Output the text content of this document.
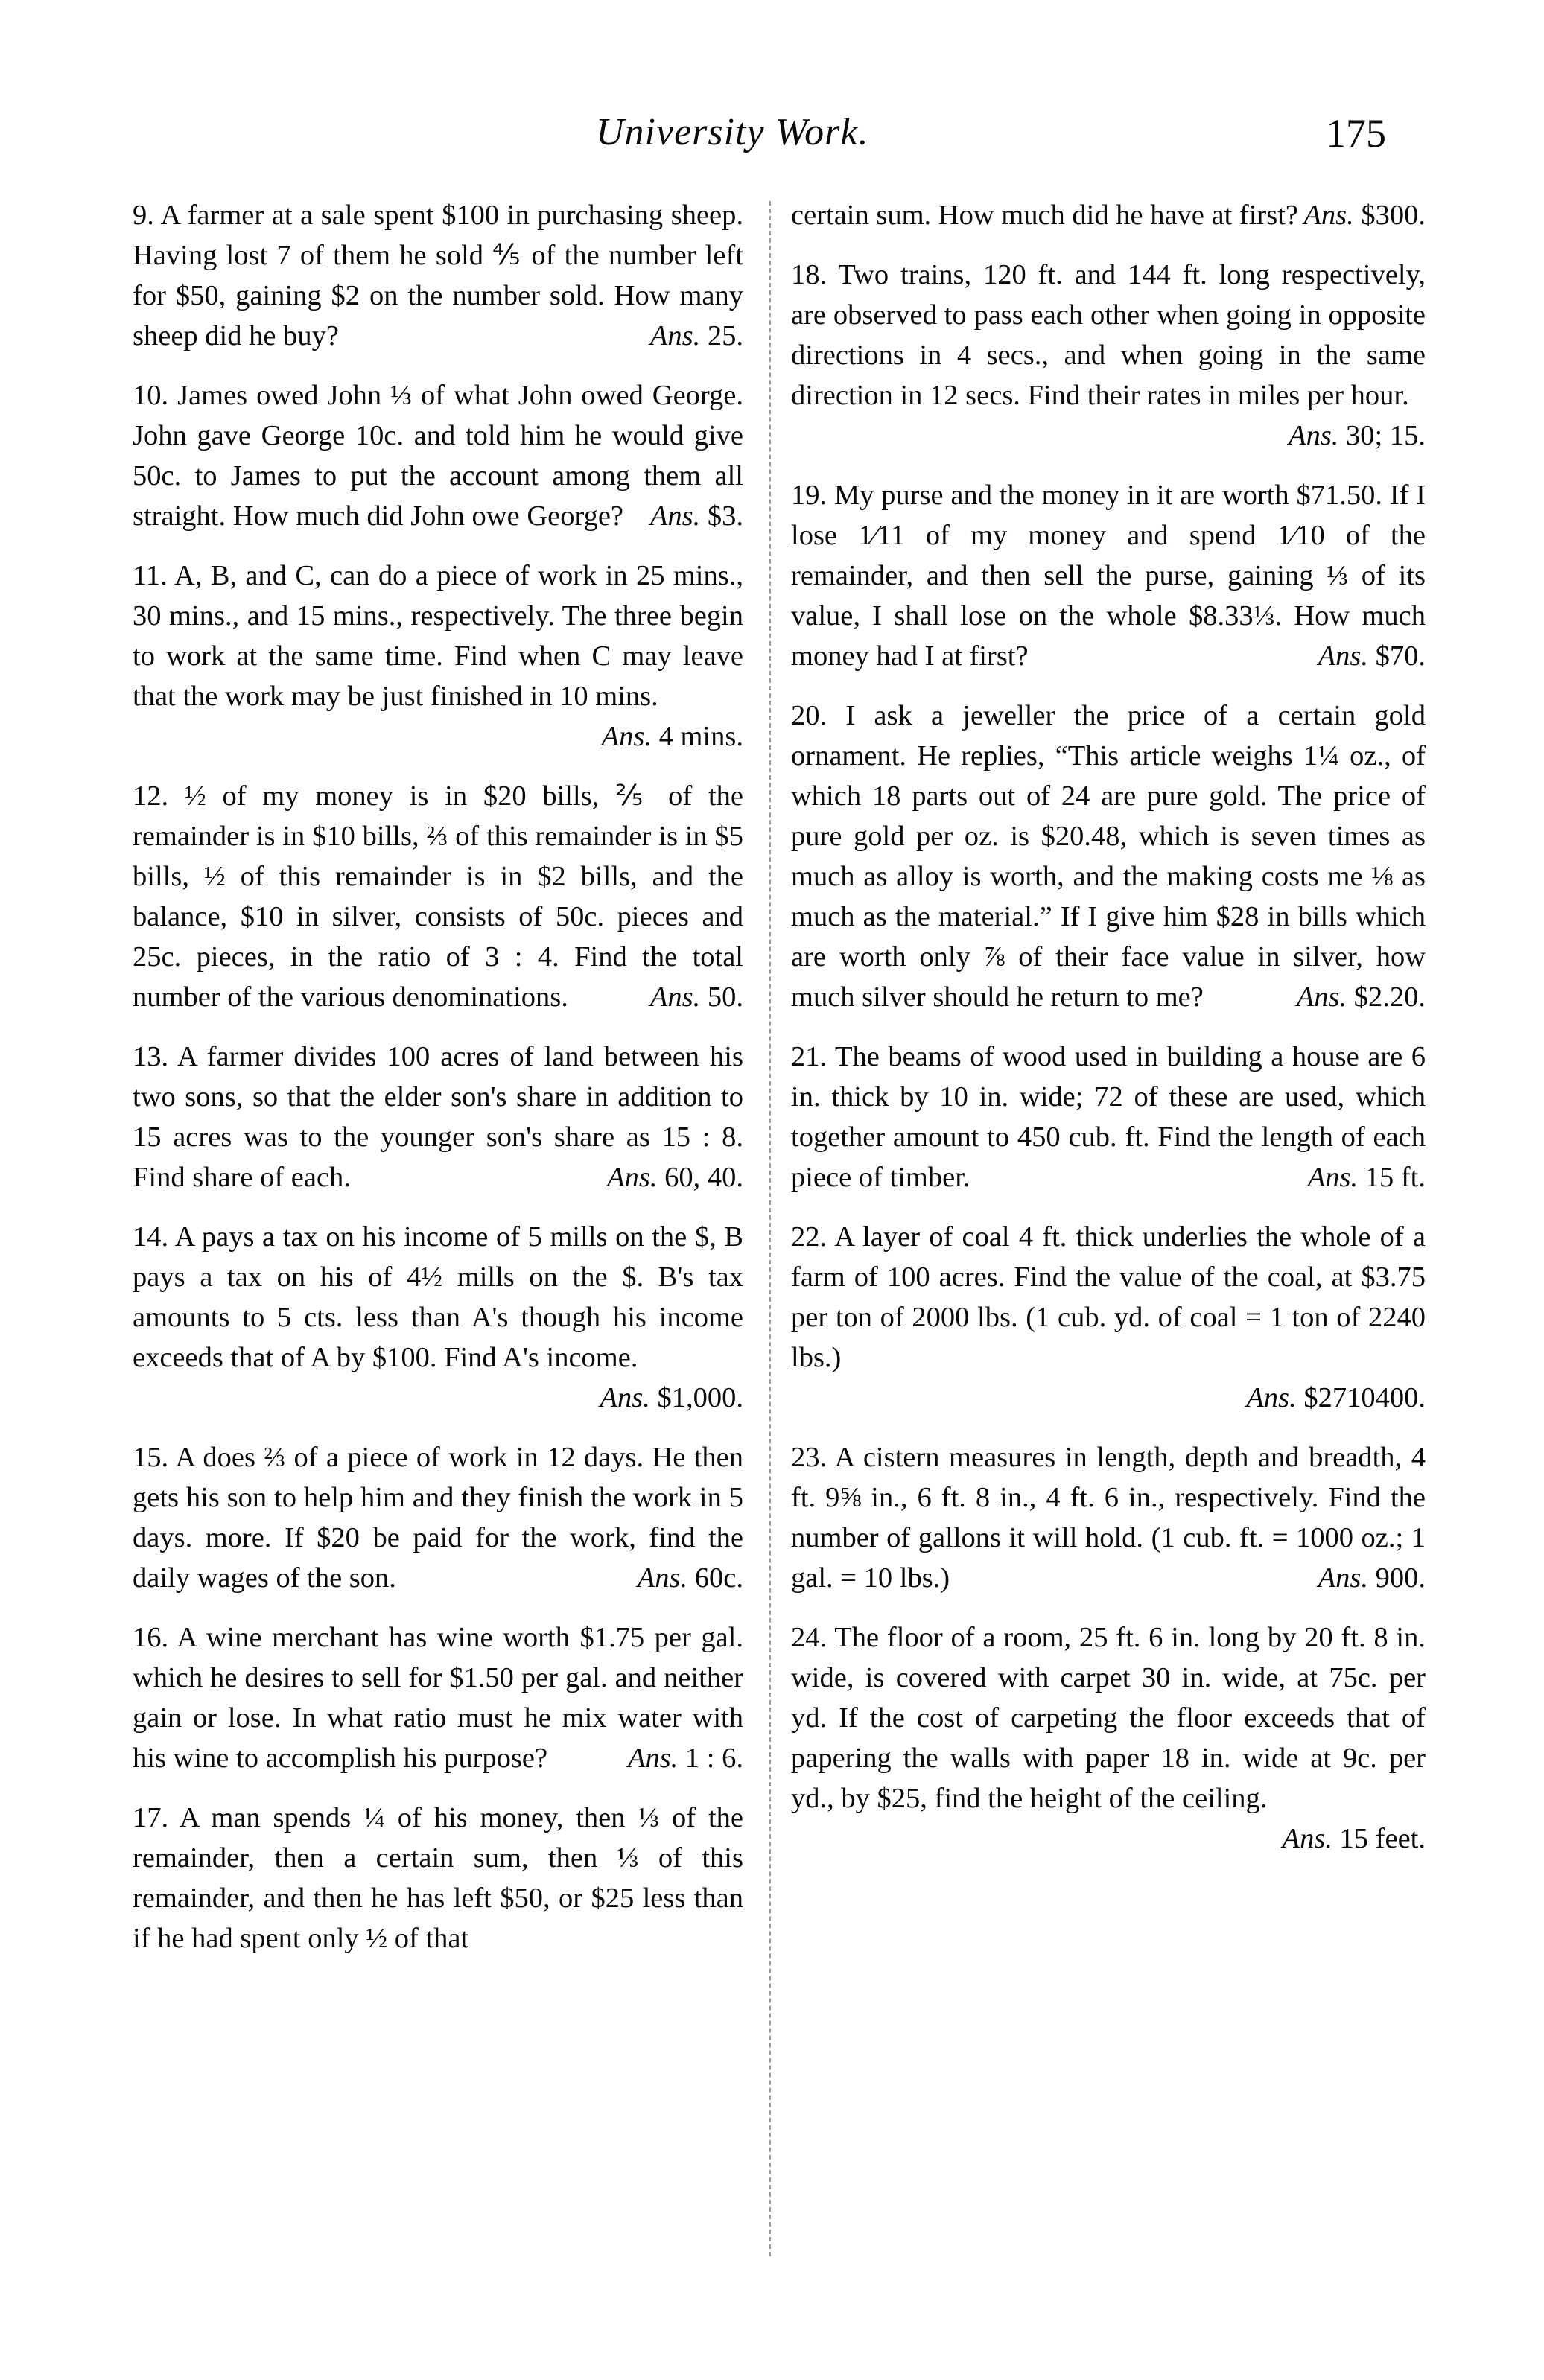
University Work.	175
9. A farmer at a sale spent $100 in purchasing sheep. Having lost 7 of them he sold ⅘ of the number left for $50, gaining $2 on the number sold. How many sheep did he buy?	Ans. 25.
10. James owed John ⅓ of what John owed George. John gave George 10c. and told him he would give 50c. to James to put the account among them all straight. How much did John owe George? Ans. $3.
11. A, B, and C, can do a piece of work in 25 mins., 30 mins., and 15 mins., respectively. The three begin to work at the same time. Find when C may leave that the work may be just finished in 10 mins.
Ans. 4 mins.
12. ½ of my money is in $20 bills, ⅖ of the remainder is in $10 bills, ⅔ of this remainder is in $5 bills, ½ of this remainder is in $2 bills, and the balance, $10 in silver, consists of 50c. pieces and 25c. pieces, in the ratio of 3 : 4. Find the total number of the various denominations.	Ans. 50.
13. A farmer divides 100 acres of land between his two sons, so that the elder son's share in addition to 15 acres was to the younger son's share as 15 : 8. Find share of each.	Ans. 60, 40.
14. A pays a tax on his income of 5 mills on the $, B pays a tax on his of 4½ mills on the $. B's tax amounts to 5 cts. less than A's though his income exceeds that of A by $100. Find A's income.
Ans. $1,000.
15. A does ⅔ of a piece of work in 12 days. He then gets his son to help him and they finish the work in 5 days. more. If $20 be paid for the work, find the daily wages of the son.	Ans. 60c.
16. A wine merchant has wine worth $1.75 per gal. which he desires to sell for $1.50 per gal. and neither gain or lose. In what ratio must he mix water with his wine to accomplish his purpose?	Ans. 1 : 6.
17. A man spends ¼ of his money, then ⅓ of the remainder, then a certain sum, then ⅓ of this remainder, and then he has left $50, or $25 less than if he had spent only ½ of that
certain sum. How much did he have at first? Ans. $300.
18. Two trains, 120 ft. and 144 ft. long respectively, are observed to pass each other when going in opposite directions in 4 secs., and when going in the same direction in 12 secs. Find their rates in miles per hour.
Ans. 30; 15.
19. My purse and the money in it are worth $71.50. If I lose 1⁄11 of my money and spend 1⁄10 of the remainder, and then sell the purse, gaining ⅓ of its value, I shall lose on the whole $8.33⅓. How much money had I at first?	Ans. $70.
20. I ask a jeweller the price of a certain gold ornament. He replies, “This article weighs 1¼ oz., of which 18 parts out of 24 are pure gold. The price of pure gold per oz. is $20.48, which is seven times as much as alloy is worth, and the making costs me ⅛ as much as the material.” If I give him $28 in bills which are worth only ⅞ of their face value in silver, how much silver should he return to me?	Ans. $2.20.
21. The beams of wood used in building a house are 6 in. thick by 10 in. wide; 72 of these are used, which together amount to 450 cub. ft. Find the length of each piece of timber.	Ans. 15 ft.
22. A layer of coal 4 ft. thick underlies the whole of a farm of 100 acres. Find the value of the coal, at $3.75 per ton of 2000 lbs. (1 cub. yd. of coal = 1 ton of 2240 lbs.)
Ans. $2710400.
23. A cistern measures in length, depth and breadth, 4 ft. 9⅝ in., 6 ft. 8 in., 4 ft. 6 in., respectively. Find the number of gallons it will hold. (1 cub. ft. = 1000 oz.; 1 gal. = 10 lbs.)	Ans. 900.
24. The floor of a room, 25 ft. 6 in. long by 20 ft. 8 in. wide, is covered with carpet 30 in. wide, at 75c. per yd. If the cost of carpeting the floor exceeds that of papering the walls with paper 18 in. wide at 9c. per yd., by $25, find the height of the ceiling.
Ans. 15 feet.
